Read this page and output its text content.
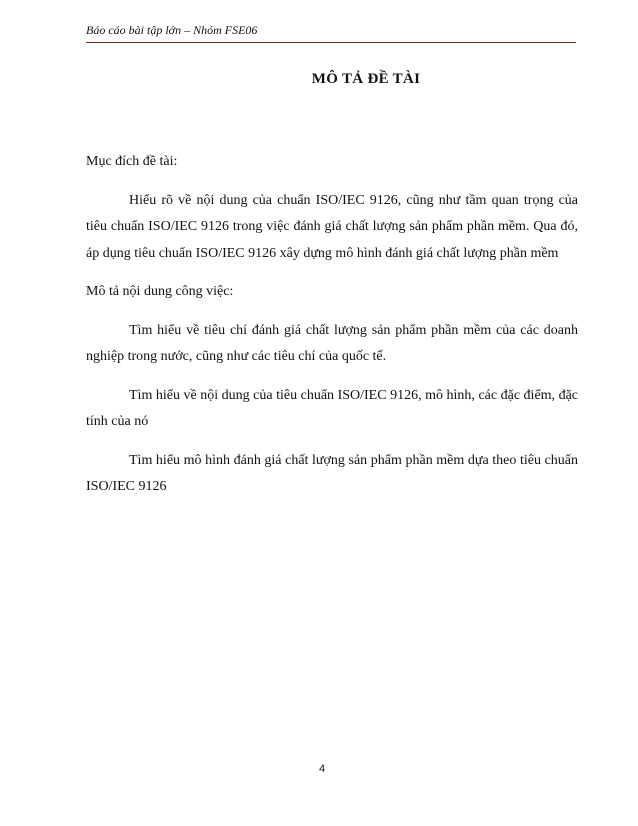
Báo cáo bài tập lớn – Nhóm FSE06
MÔ TẢ ĐỀ TÀI

Mục đích đề tài:

Hiểu rõ về nội dung của chuẩn ISO/IEC 9126, cũng như tầm quan trọng của tiêu chuẩn ISO/IEC 9126 trong việc đánh giá chất lượng sản phẩm phần mềm. Qua đó, áp dụng tiêu chuẩn ISO/IEC 9126 xây dựng mô hình đánh giá chất lượng phần mềm

Mô tả nội dung công việc:

Tìm hiểu về tiêu chí đánh giá chất lượng sản phẩm phần mềm của các doanh nghiệp trong nước, cũng như các tiêu chí của quốc tế.

Tìm hiểu về nội dung của tiêu chuẩn ISO/IEC 9126, mô hình, các đặc điểm, đặc tính của nó

Tìm hiểu mô hình đánh giá chất lượng sản phẩm phần mềm dựa theo tiêu chuẩn ISO/IEC 9126

4
